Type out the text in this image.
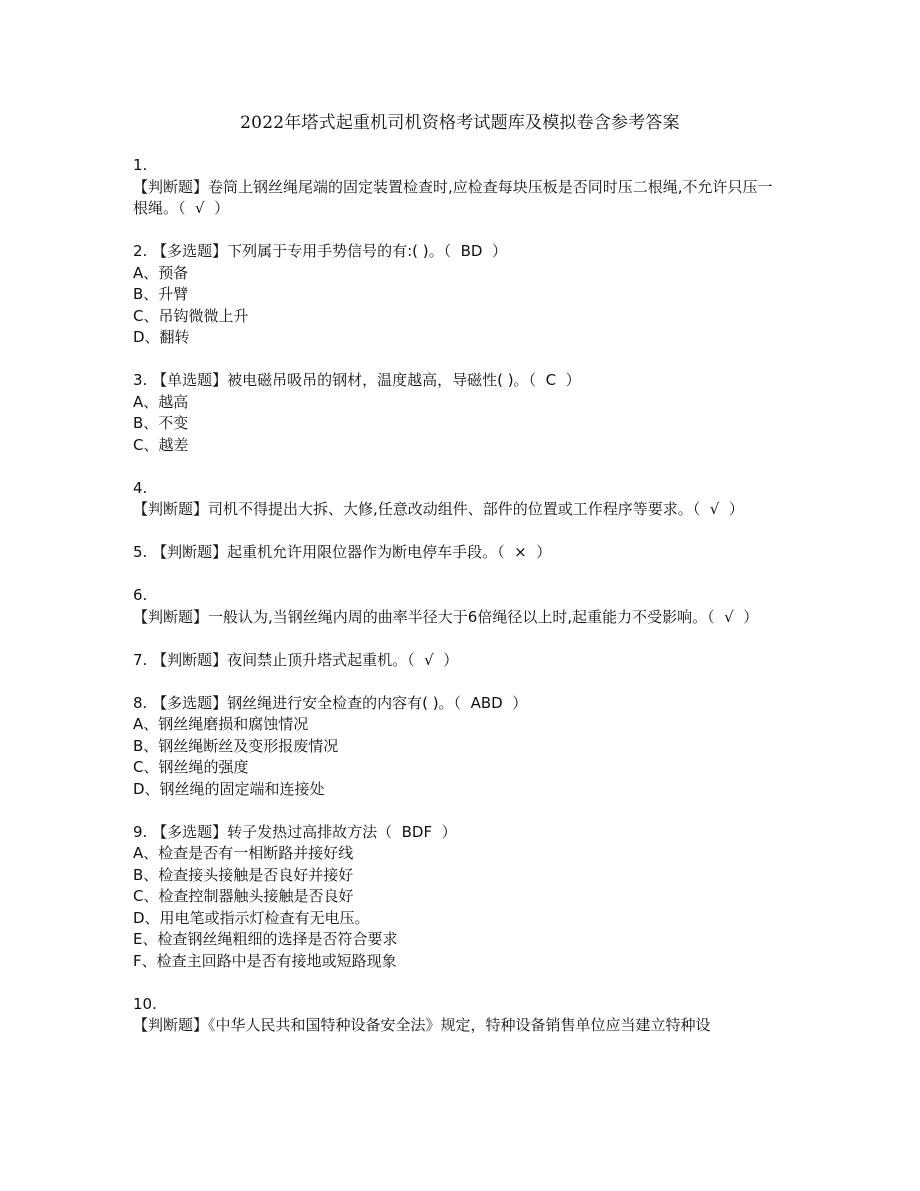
2022年塔式起重机司机资格考试题库及模拟卷含参考答案
1.
【判断题】卷筒上钢丝绳尾端的固定装置检查时,应检查每块压板是否同时压二根绳,不允许只压一根绳。（  √  ）
2. 【多选题】下列属于专用手势信号的有:( )。（  BD  ）
A、预备
B、升臂
C、吊钩微微上升
D、翻转
3. 【单选题】被电磁吊吸吊的钢材，温度越高，导磁性( )。（  C  ）
A、越高
B、不变
C、越差
4.
【判断题】司机不得提出大拆、大修,任意改动组件、部件的位置或工作程序等要求。（  √  ）
5. 【判断题】起重机允许用限位器作为断电停车手段。（  ×  ）
6.
【判断题】一般认为,当钢丝绳内周的曲率半径大于6倍绳径以上时,起重能力不受影响。（  √  ）
7. 【判断题】夜间禁止顶升塔式起重机。（  √  ）
8. 【多选题】钢丝绳进行安全检查的内容有( )。（  ABD  ）
A、钢丝绳磨损和腐蚀情况
B、钢丝绳断丝及变形报废情况
C、钢丝绳的强度
D、钢丝绳的固定端和连接处
9. 【多选题】转子发热过高排故方法（  BDF  ）
A、检查是否有一相断路并接好线
B、检查接头接触是否良好并接好
C、检查控制器触头接触是否良好
D、用电笔或指示灯检查有无电压。
E、检查钢丝绳粗细的选择是否符合要求
F、检查主回路中是否有接地或短路现象
10.
【判断题】《中华人民共和国特种设备安全法》规定，特种设备销售单位应当建立特种设
